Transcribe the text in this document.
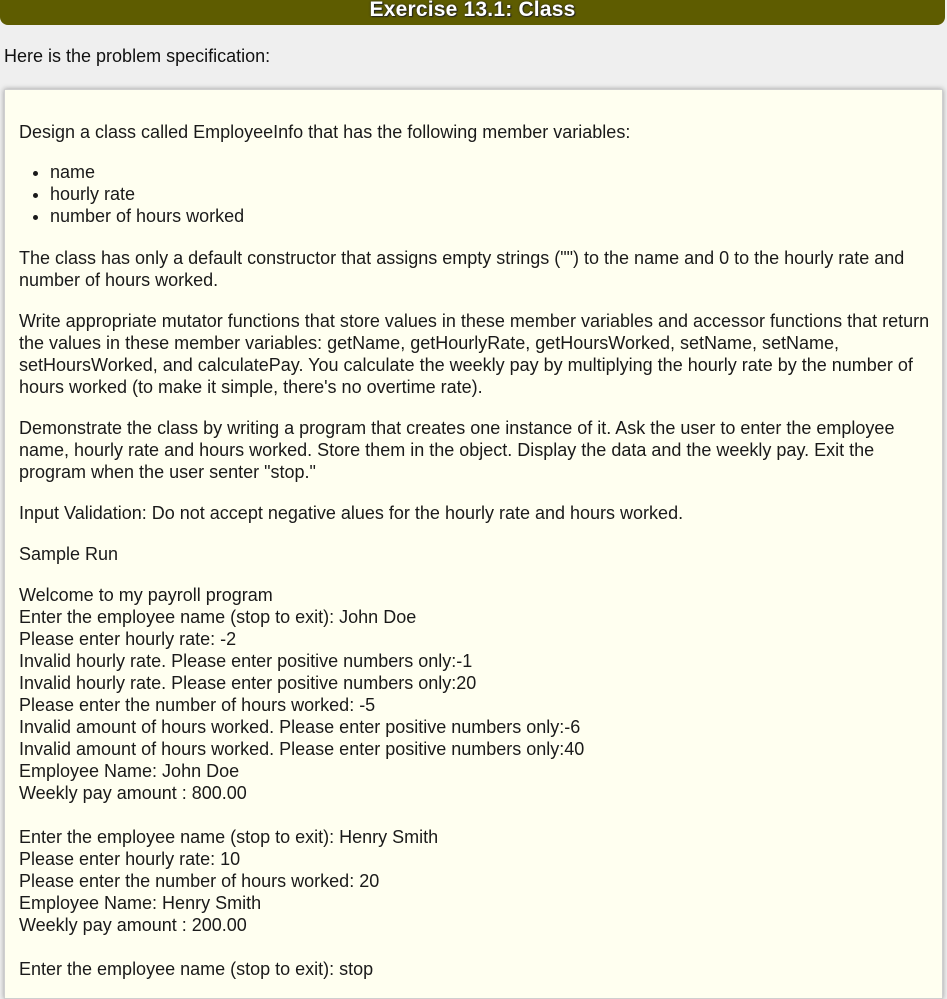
Exercise 13.1: Class
Here is the problem specification:

Design a class called EmployeeInfo that has the following member variables:

• name
• hourly rate
• number of hours worked

The class has only a default constructor that assigns empty strings ("") to the name and 0 to the hourly rate and number of hours worked.

Write appropriate mutator functions that store values in these member variables and accessor functions that return the values in these member variables: getName, getHourlyRate, getHoursWorked, setName, setName, setHoursWorked, and calculatePay. You calculate the weekly pay by multiplying the hourly rate by the number of hours worked (to make it simple, there's no overtime rate).

Demonstrate the class by writing a program that creates one instance of it. Ask the user to enter the employee name, hourly rate and hours worked. Store them in the object. Display the data and the weekly pay. Exit the program when the user senter "stop."

Input Validation: Do not accept negative alues for the hourly rate and hours worked.

Sample Run

Welcome to my payroll program
Enter the employee name (stop to exit): John Doe
Please enter hourly rate: -2
Invalid hourly rate. Please enter positive numbers only:-1
Invalid hourly rate. Please enter positive numbers only:20
Please enter the number of hours worked: -5
Invalid amount of hours worked. Please enter positive numbers only:-6
Invalid amount of hours worked. Please enter positive numbers only:40
Employee Name: John Doe
Weekly pay amount : 800.00
Enter the employee name (stop to exit): Henry Smith
Please enter hourly rate: 10
Please enter the number of hours worked: 20
Employee Name: Henry Smith
Weekly pay amount : 200.00
Enter the employee name (stop to exit): stop
